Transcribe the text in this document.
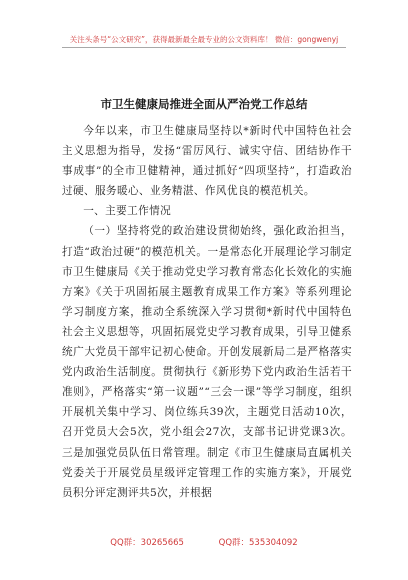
关注头条号“公文研究”，获得最新最全最专业的公文资料库！ 微信：gongwenyj
市卫生健康局推进全面从严治党工作总结

今年以来，市卫生健康局坚持以*新时代中国特色社会主义思想为指导，发扬“雷厉风行、诚实守信、团结协作干事成事”的全市卫健精神，通过抓好“四项坚持”，打造政治过硬、服务暖心、业务精湛、作风优良的模范机关。

一、主要工作情况

（一）坚持将党的政治建设贯彻始终，强化政治担当，打造“政治过硬”的模范机关。一是常态化开展理论学习制定市卫生健康局《关于推动党史学习教育常态化长效化的实施方案》《关于巩固拓展主题教育成果工作方案》等系列理论学习制度方案，推动全系统深入学习贯彻*新时代中国特色社会主义思想等，巩固拓展党史学习教育成果，引导卫健系统广大党员干部牢记初心使命。开创发展新局二是严格落实党内政治生活制度。贯彻执行《新形势下党内政治生活若干准则》，严格落实“第一议题”“三会一课”等学习制度，组织开展机关集中学习、岗位练兵39次，主题党日活动10次，召开党员大会5次，党小组会27次，支部书记讲党课3次。三是加强党员队伍日常管理。制定《市卫生健康局直属机关党委关于开展党员星级评定管理工作的实施方案》，开展党员积分评定测评共5次，并根据

QQ群：30265665	QQ群：535304092
